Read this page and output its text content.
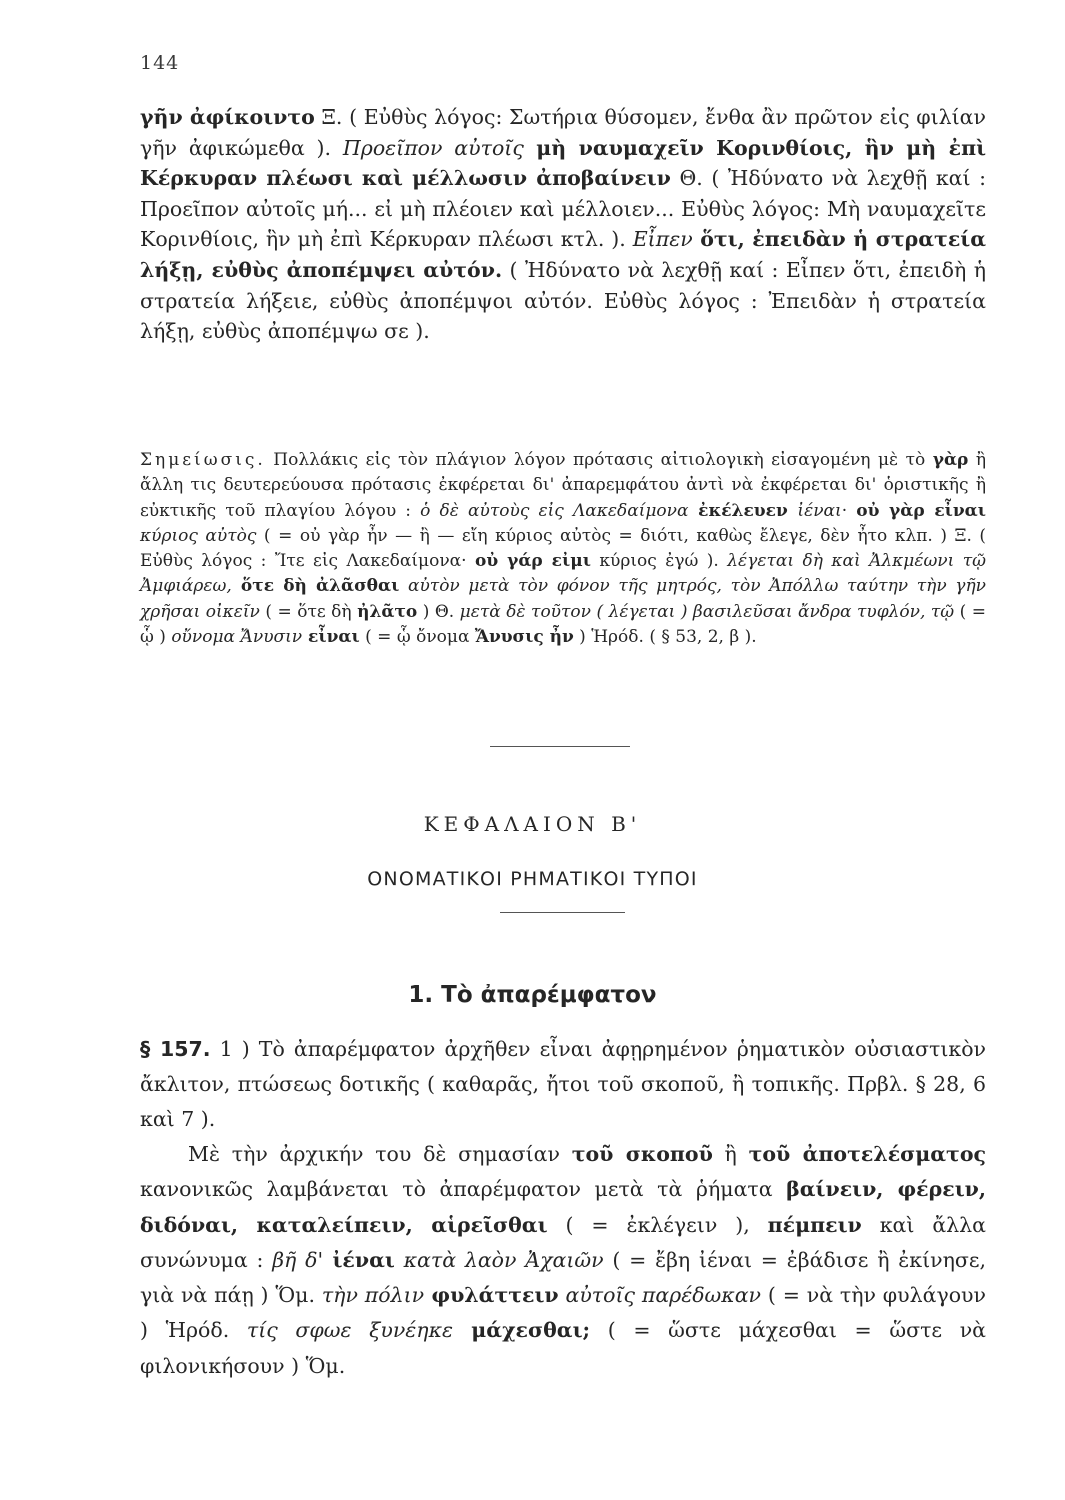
144

γῆν ἀφίκοιντο Ξ. ( Εὐθὺς λόγος: Σωτήρια θύσομεν, ἔνθα ἂν πρῶτον εἰς φιλίαν γῆν ἀφικώμεθα ). Προεῖπον αὐτοῖς μὴ ναυμαχεῖν Κορινθίοις, ἣν μὴ ἐπὶ Κέρκυραν πλέωσι καὶ μέλλωσιν ἀποβαίνειν Θ. ( Ἠδύνατο νὰ λεχθῇ καί : Προεῖπον αὐτοῖς μή... εἰ μὴ πλέοιεν καὶ μέλλοιεν... Εὐθὺς λόγος: Μὴ ναυμαχεῖτε Κορινθίοις, ἣν μὴ ἐπὶ Κέρκυραν πλέωσι κτλ. ). Εἶπεν ὅτι, ἐπειδὰν ἡ στρατεία λήξῃ, εὐθὺς ἀποπέμψει αὐτόν. ( Ἠδύνατο νὰ λεχθῇ καί : Εἶπεν ὅτι, ἐπειδὴ ἡ στρατεία λήξειε, εὐθὺς ἀποπέμψοι αὐτόν. Εὐθὺς λόγος : Ἐπειδὰν ἡ στρατεία λήξῃ, εὐθὺς ἀποπέμψω σε ).

Σημείωσις. Πολλάκις εἰς τὸν πλάγιον λόγον πρότασις αἰτιολογικὴ εἰσαγομένη μὲ τὸ γὰρ ἢ ἄλλη τις δευτερεύουσα πρότασις ἐκφέρεται δι' ἀπαρεμφάτου ἀντὶ νὰ ἐκφέρεται δι' ὁριστικῆς ἢ εὐκτικῆς τοῦ πλαγίου λόγου : ὁ δὲ αὐτοὺς εἰς Λακεδαίμονα ἐκέλευεν ἰέναι· οὐ γὰρ εἶναι κύριος αὐτὸς ( = οὐ γὰρ ἦν — ἢ — εἴη κύριος αὐτὸς = διότι, καθὼς ἔλεγε, δὲν ἦτο κλπ. ) Ξ. ( Εὐθὺς λόγος : Ἴτε εἰς Λακεδαίμονα· οὐ γάρ εἰμι κύριος ἐγώ ). λέγεται δὴ καὶ Ἀλκμέωνι τῷ Ἀμφιάρεω, ὅτε δὴ ἀλᾶσθαι αὐτὸν μετὰ τὸν φόνον τῆς μητρός, τὸν Ἀπόλλω ταύτην τὴν γῆν χρῆσαι οἰκεῖν ( = ὅτε δὴ ἠλᾶτο ) Θ. μετὰ δὲ τοῦτον ( λέγεται ) βασιλεῦσαι ἄνδρα τυφλόν, τῷ ( = ᾧ ) οὔνομα Ἄνυσιν εἶναι ( = ᾧ ὄνομα Ἄνυσις ἦν ) Ἡρόδ. ( § 53, 2, β ).

ΚΕΦΑΛΑΙΟΝ Β'
ΟΝΟΜΑΤΙΚΟΙ ΡΗΜΑΤΙΚΟΙ ΤΥΠΟΙ
1. Τὸ ἀπαρέμφατον

§ 157. 1 ) Τὸ ἀπαρέμφατον ἀρχῆθεν εἶναι ἀφῃρημένον ῥηματικὸν οὐσιαστικὸν ἄκλιτον, πτώσεως δοτικῆς ( καθαρᾶς, ἤτοι τοῦ σκοποῦ, ἢ τοπικῆς. Πρβλ. § 28, 6 καὶ 7 ).

Μὲ τὴν ἀρχικήν του δὲ σημασίαν τοῦ σκοποῦ ἢ τοῦ ἀποτελέσματος κανονικῶς λαμβάνεται τὸ ἀπαρέμφατον μετὰ τὰ ῥήματα βαίνειν, φέρειν, διδόναι, καταλείπειν, αἱρεῖσθαι ( = ἐκλέγειν ), πέμπειν καὶ ἄλλα συνώνυμα : βῆ δ' ἰέναι κατὰ λαὸν Ἀχαιῶν ( = ἔβη ἰέναι = ἐβάδισε ἢ ἐκίνησε, γιὰ νὰ πάῃ ) Ὅμ. τὴν πόλιν φυλάττειν αὐτοῖς παρέδωκαν ( = νὰ τὴν φυλάγουν ) Ἡρόδ. τίς σφωε ξυνέηκε μάχεσθαι; ( = ὥστε μάχεσθαι = ὥστε νὰ φιλονικήσουν ) Ὅμ.
